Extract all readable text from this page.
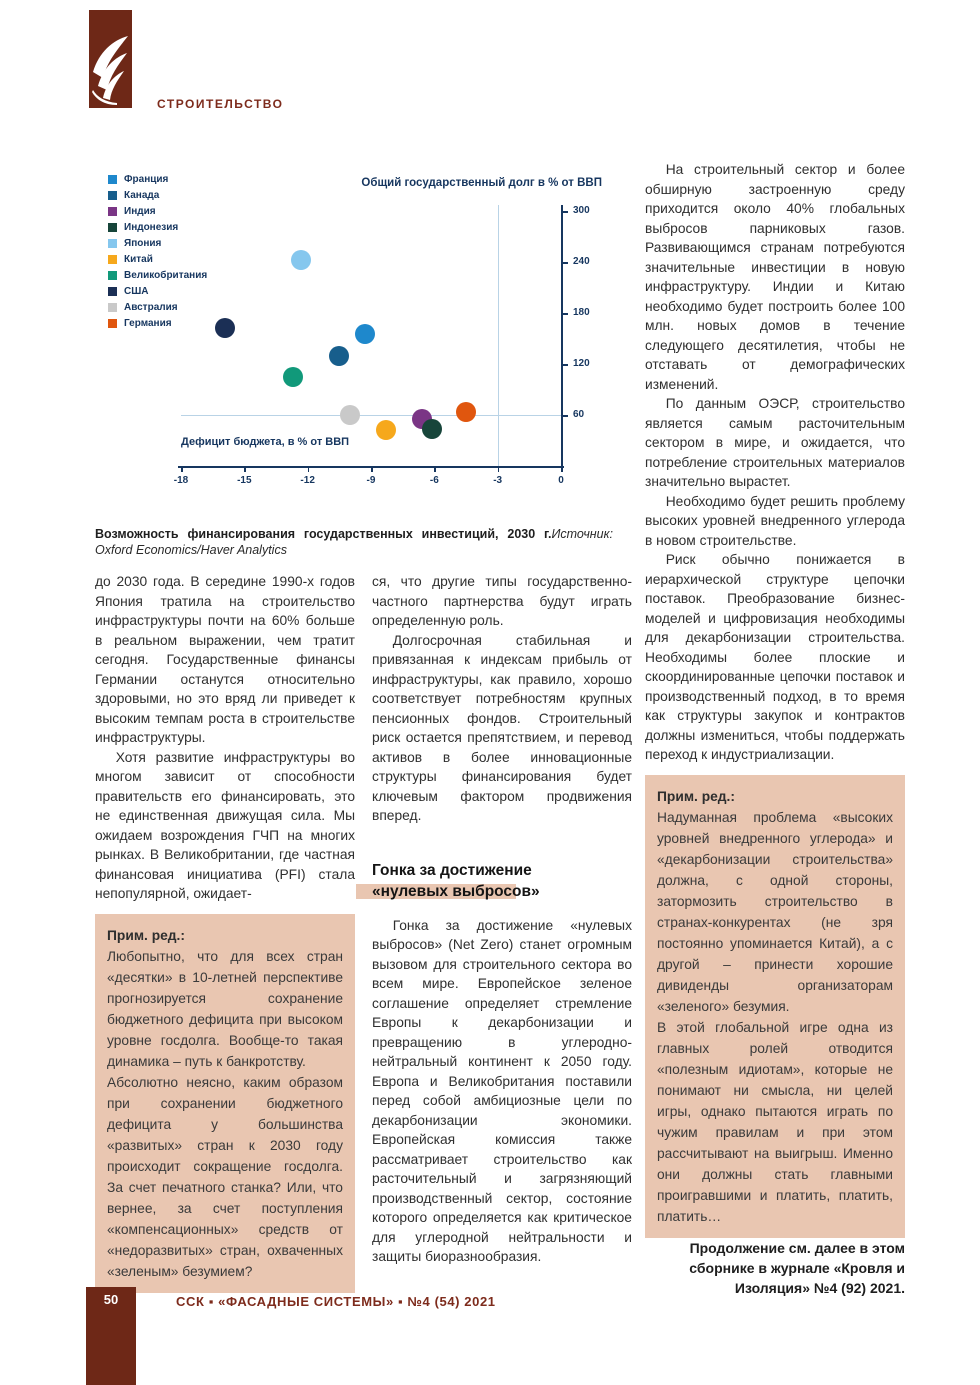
СТРОИТЕЛЬСТВО
Франция
Канада
Индия
Индонезия
Япония
Китай
Великобритания
США
Австралия
Германия
Общий государственный долг в % от ВВП
Дефицит бюджета, в % от ВВП
60
120
180
240
300
-18	-15	-12	-9	-6	-3	0
Возможность финансирования государственных инвестиций, 2030 г.Источник: Oxford Economics/Haver Analytics

до 2030 года. В середине 1990-х годов Япония тратила на строительство инфраструктуры почти на 60% больше в реальном выражении, чем тратит сегодня. Государственные финансы Германии останутся относительно здоровыми, но это вряд ли приведет к высоким темпам роста в строительстве инфраструктуры.

Хотя развитие инфраструктуры во многом зависит от способности правительств его финансировать, это не единственная движущая сила. Мы ожидаем возрождения ГЧП на многих рынках. В Великобритании, где частная финансовая инициатива (PFI) стала непопулярной, ожидает-

Прим. ред.:

Любопытно, что для всех стран «десятки» в 10-летней перспективе прогнозируется сохранение бюджетного дефицита при высоком уровне госдолга. Вообще-то такая динамика – путь к банкротству.

Абсолютно неясно, каким образом при сохранении бюджетного дефицита у большинства «развитых» стран к 2030 году происходит сокращение госдолга. За счет печатного станка? Или, что вернее, за счет поступления «компенсационных» средств от «недоразвитых» стран, охваченных «зеленым» безумием?

ся, что другие типы государственно-частного партнерства будут играть определенную роль.

Долгосрочная стабильная и привязанная к индексам прибыль от инфраструктуры, как правило, хорошо соответствует потребностям крупных пенсионных фондов. Строительный риск остается препятствием, и перевод активов в более инновационные структуры финансирования будет ключевым фактором продвижения вперед.

Гонка за достижение
«нулевых выбросов»

Гонка за достижение «нулевых выбросов» (Net Zero) станет огромным вызовом для строительного сектора во всем мире. Европейское зеленое соглашение определяет стремление Европы к декарбонизации и превращению в углеродно-нейтральный континент к 2050 году. Европа и Великобритания поставили перед собой амбициозные цели по декарбонизации экономики. Европейская комиссия также рассматривает строительство как расточительный и загрязняющий производственный сектор, состояние которого определяется как критическое для углеродной нейтральности и защиты биоразнообразия.

На строительный сектор и более обширную застроенную среду приходится около 40% глобальных выбросов парниковых газов. Развивающимся странам потребуются значительные инвестиции в новую инфраструктуру. Индии и Китаю необходимо будет построить более 100 млн. новых домов в течение следующего десятилетия, чтобы не отставать от демографических изменений.

По данным ОЭСР, строительство является самым расточительным сектором в мире, и ожидается, что потребление строительных материалов значительно вырастет.

Необходимо будет решить проблему высоких уровней внедренного углерода в новом строительстве.

Риск обычно понижается в иерархической структуре цепочки поставок. Преобразование бизнес-моделей и цифровизация необходимы для декарбонизации строительства. Необходимы более плоские и скоординированные цепочки поставок и производственный подход, в то время как структуры закупок и контрактов должны измениться, чтобы поддержать переход к индустриализации.

Прим. ред.:

Надуманная проблема «высоких уровней внедренного углерода» и «декарбонизации строительства» должна, с одной стороны, затормозить строительство в странах-конкурентах (не зря постоянно упоминается Китай), а с другой – принести хорошие дивиденды организаторам «зеленого» безумия.

В этой глобальной игре одна из главных ролей отводится «полезным идиотам», которые не понимают ни смысла, ни целей игры, однако пытаются играть по чужим правилам и при этом рассчитывают на выигрыш. Именно они должны стать главными проигравшими и платить, платить, платить…

Продолжение см. далее в этом сборнике в журнале «Кровля и Изоляция» №4 (92) 2021.

50	ССК ▪ «ФАСАДНЫЕ СИСТЕМЫ» ▪ №4 (54) 2021
